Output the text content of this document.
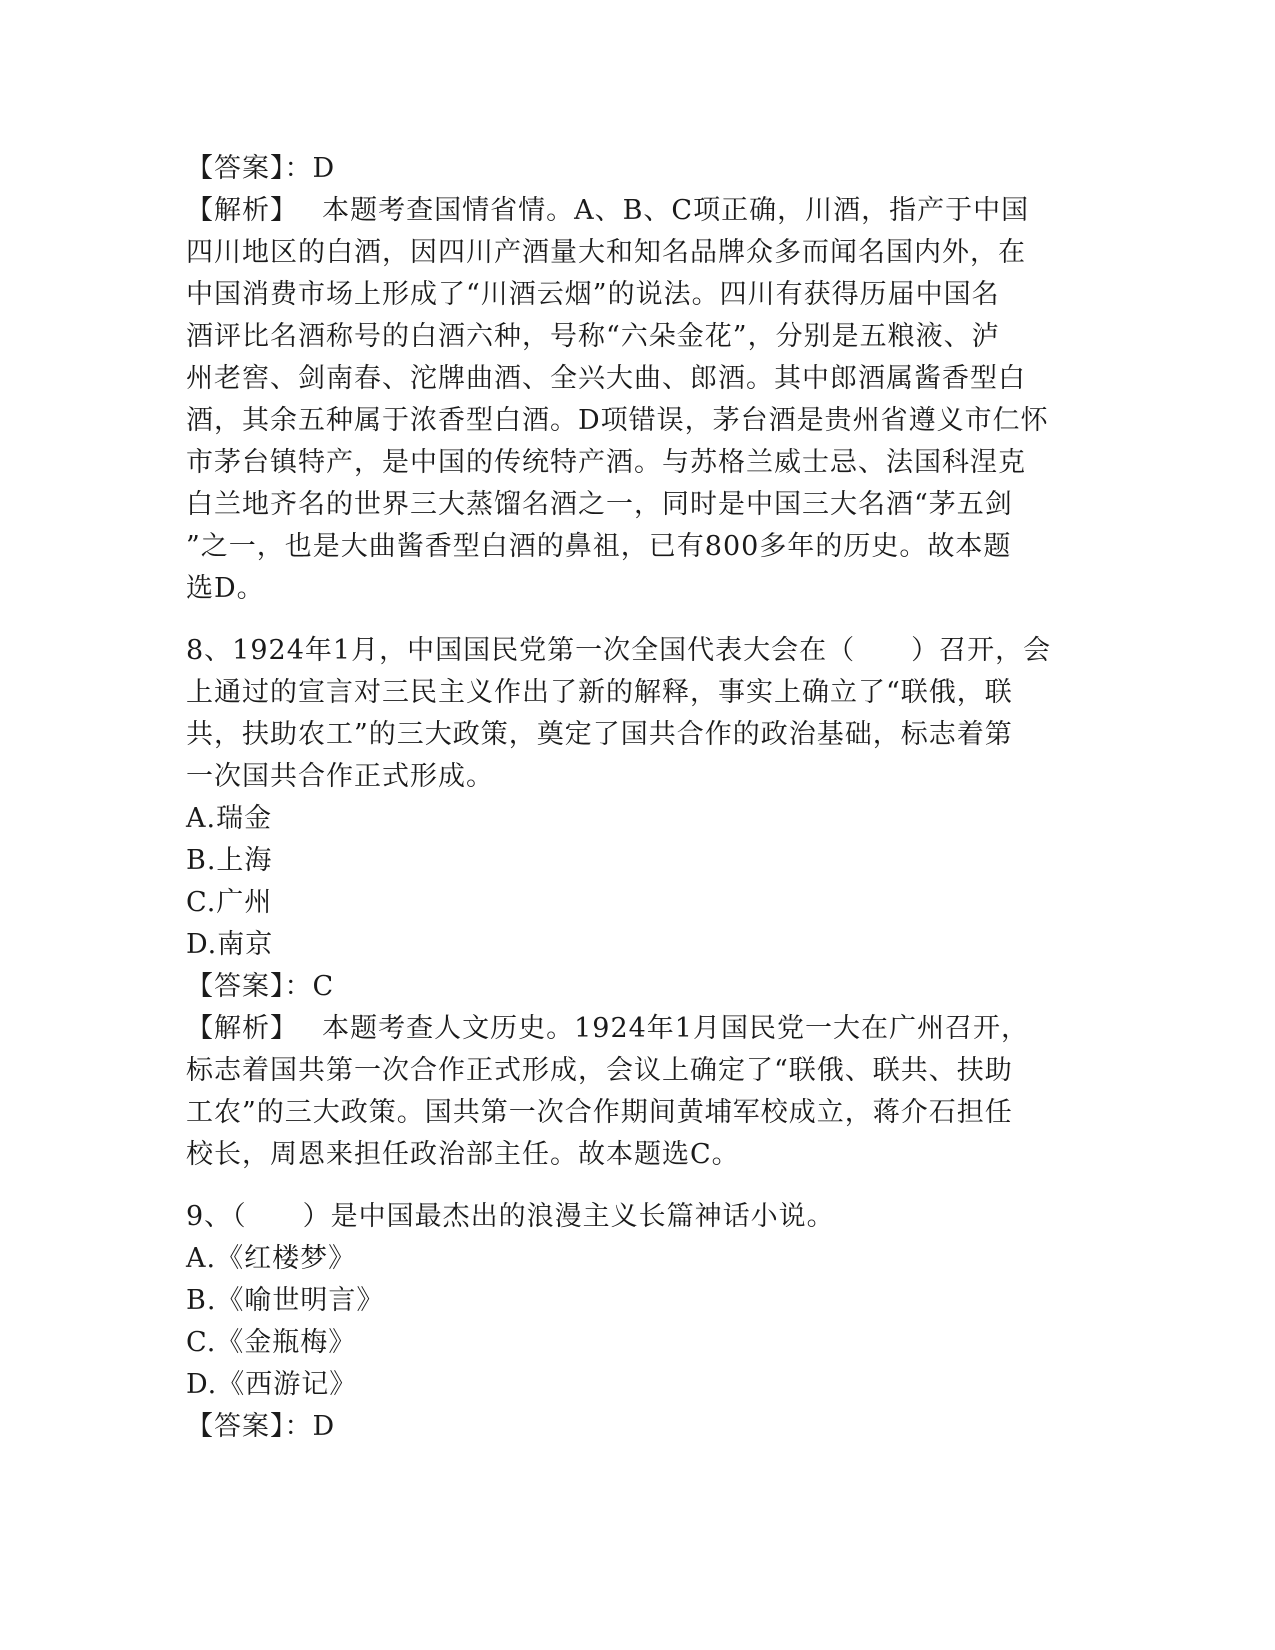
【答案】：D
【解析】　 本题考查国情省情。A、B、C项正确，川酒，指产于中国
四川地区的白酒，因四川产酒量大和知名品牌众多而闻名国内外，在
中国消费市场上形成了“川酒云烟”的说法。四川有获得历届中国名
酒评比名酒称号的白酒六种，号称“六朵金花”，分别是五粮液、泸
州老窖、剑南春、沱牌曲酒、全兴大曲、郎酒。其中郎酒属酱香型白
酒，其余五种属于浓香型白酒。D项错误，茅台酒是贵州省遵义市仁怀
市茅台镇特产，是中国的传统特产酒。与苏格兰威士忌、法国科涅克
白兰地齐名的世界三大蒸馏名酒之一，同时是中国三大名酒“茅五剑
”之一，也是大曲酱香型白酒的鼻祖，已有800多年的历史。故本题
选D。
8、1924年1月，中国国民党第一次全国代表大会在（　　）召开，会
上通过的宣言对三民主义作出了新的解释，事实上确立了“联俄，联
共，扶助农工”的三大政策，奠定了国共合作的政治基础，标志着第
一次国共合作正式形成。
A.瑞金
B.上海
C.广州
D.南京
【答案】：C
【解析】　 本题考查人文历史。1924年1月国民党一大在广州召开，
标志着国共第一次合作正式形成，会议上确定了“联俄、联共、扶助
工农”的三大政策。国共第一次合作期间黄埔军校成立，蒋介石担任
校长，周恩来担任政治部主任。故本题选C。
9、（　　）是中国最杰出的浪漫主义长篇神话小说。
A.《红楼梦》
B.《喻世明言》
C.《金瓶梅》
D.《西游记》
【答案】：D
